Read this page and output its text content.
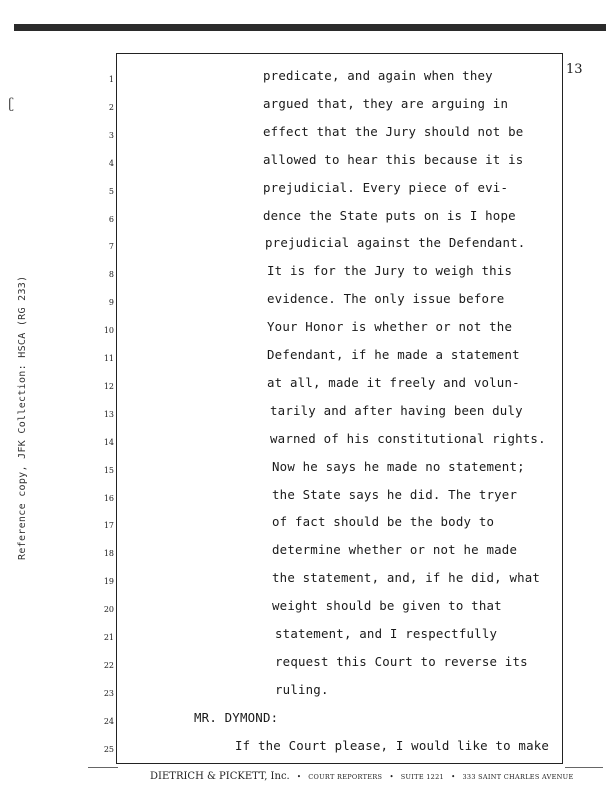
13
ʗ
Reference copy, JFK Collection: HSCA (RG 233)
1	predicate, and again when they
2	argued that, they are arguing in
3	effect that the Jury should not be
4	allowed to hear this because it is
5	prejudicial. Every piece of evi-
6	dence the State puts on is I hope
7	prejudicial against the Defendant.
8	It is for the Jury to weigh this
9	evidence. The only issue before
10	Your Honor is whether or not the
11	Defendant, if he made a statement
12	at all, made it freely and volun-
13	tarily and after having been duly
14	warned of his constitutional rights.
15	Now he says he made no statement;
16	the State says he did. The tryer
17	of fact should be the body to
18	determine whether or not he made
19	the statement, and, if he did, what
20	weight should be given to that
21	statement, and I respectfully
22	request this Court to reverse its
23	ruling.
24	MR. DYMOND:
25	If the Court please, I would like to make
DIETRICH & PICKETT, Inc. • COURT REPORTERS • SUITE 1221 • 333 SAINT CHARLES AVENUE
